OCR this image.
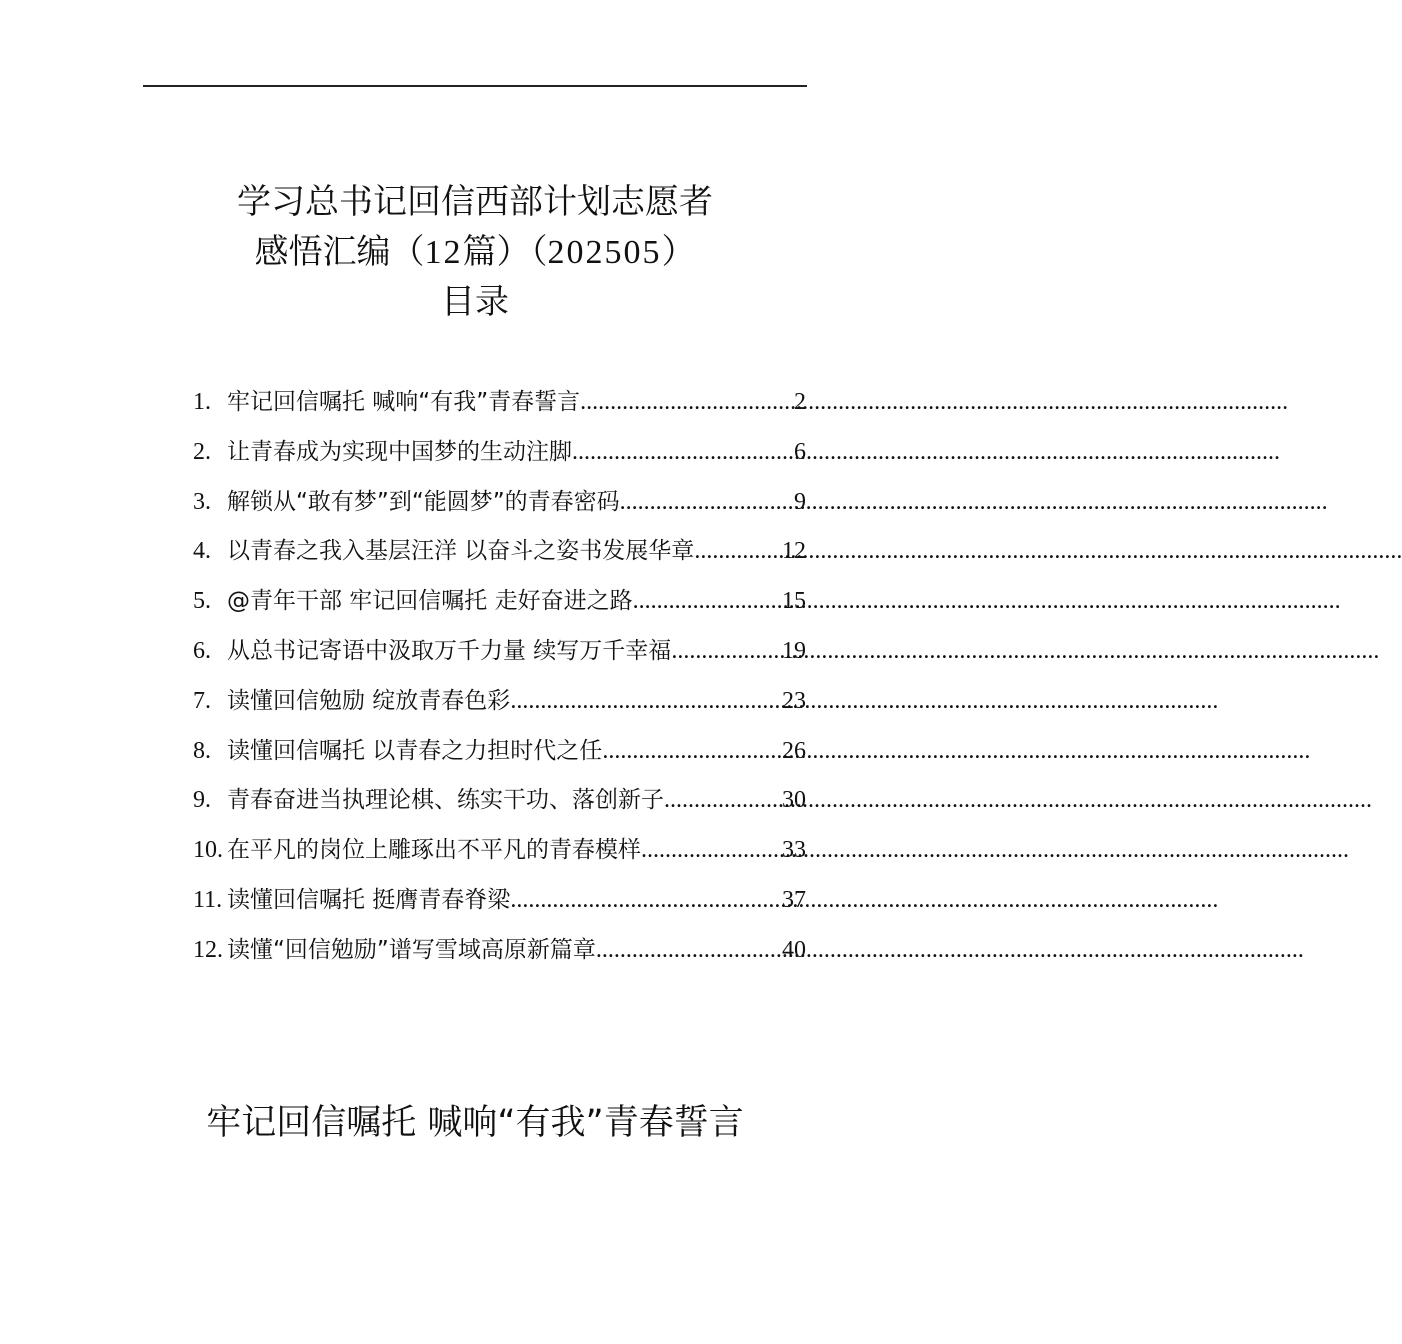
学习总书记回信西部计划志愿者
感悟汇编（12篇）（202505）
目录
1. 牢记回信嘱托 喊响“有我”青春誓言 .....	2
2. 让青春成为实现中国梦的生动注脚 .....	6
3. 解锁从“敢有梦”到“能圆梦”的青春密码 .....	9
4. 以青春之我入基层汪洋 以奋斗之姿书发展华章 .....	12
5. @青年干部 牢记回信嘱托 走好奋进之路 .....	15
6. 从总书记寄语中汲取万千力量 续写万千幸福 .....	19
7. 读懂回信勉励 绽放青春色彩 .....	23
8. 读懂回信嘱托 以青春之力担时代之任 .....	26
9. 青春奋进当执理论棋、练实干功、落创新子 .....	30
10. 在平凡的岗位上雕琢出不平凡的青春模样 .....	33
11. 读懂回信嘱托 挺膺青春脊梁 .....	37
12. 读懂“回信勉励”谱写雪域高原新篇章 .....	40
牢记回信嘱托 喊响“有我”青春誓言
